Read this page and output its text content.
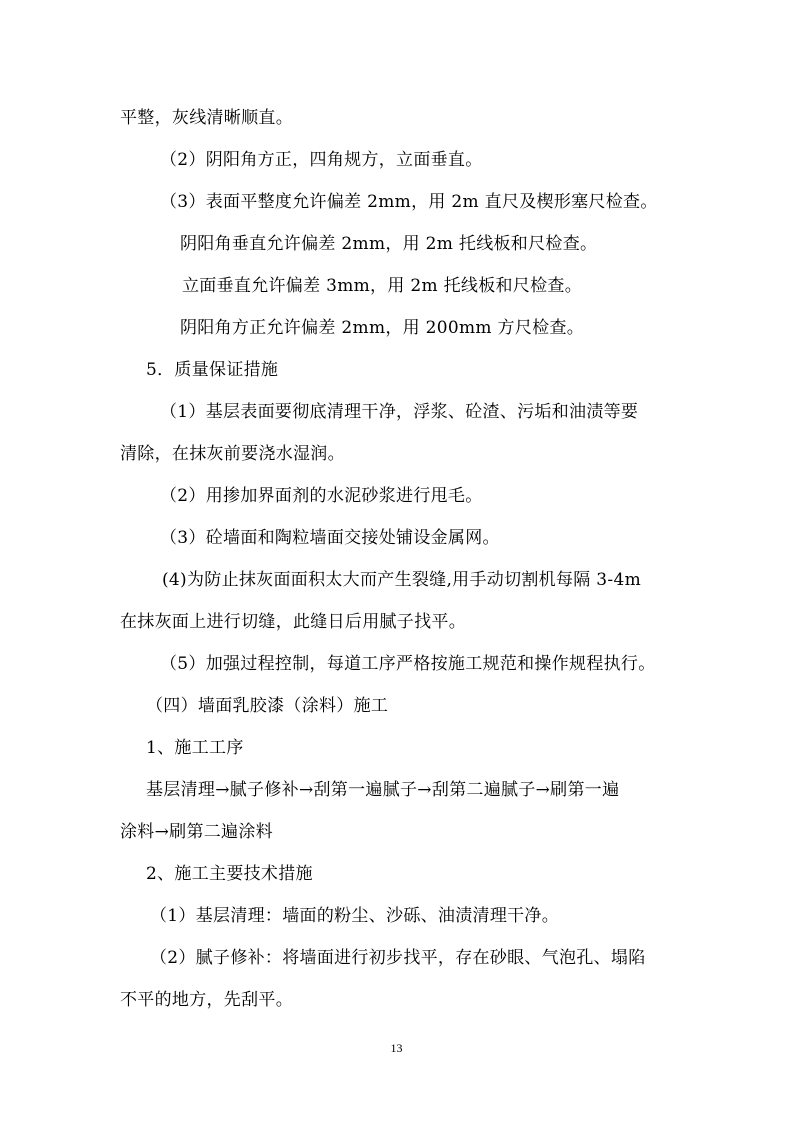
平整，灰线清晰顺直。
（2）阴阳角方正，四角规方，立面垂直。
（3）表面平整度允许偏差 2mm，用 2m 直尺及楔形塞尺检查。
阴阳角垂直允许偏差 2mm，用 2m 托线板和尺检查。
立面垂直允许偏差 3mm，用 2m 托线板和尺检查。
阴阳角方正允许偏差 2mm，用 200mm 方尺检查。
5．质量保证措施
（1）基层表面要彻底清理干净，浮浆、砼渣、污垢和油渍等要
清除，在抹灰前要浇水湿润。
（2）用掺加界面剂的水泥砂浆进行甩毛。
（3）砼墙面和陶粒墙面交接处铺设金属网。
(4)为防止抹灰面面积太大而产生裂缝,用手动切割机每隔 3-4m
在抹灰面上进行切缝，此缝日后用腻子找平。
（5）加强过程控制，每道工序严格按施工规范和操作规程执行。
（四）墙面乳胶漆（涂料）施工
1、施工工序
基层清理→腻子修补→刮第一遍腻子→刮第二遍腻子→刷第一遍
涂料→刷第二遍涂料
2、施工主要技术措施
（1）基层清理：墙面的粉尘、沙砾、油渍清理干净。
（2）腻子修补：将墙面进行初步找平，存在砂眼、气泡孔、塌陷
不平的地方，先刮平。
13
